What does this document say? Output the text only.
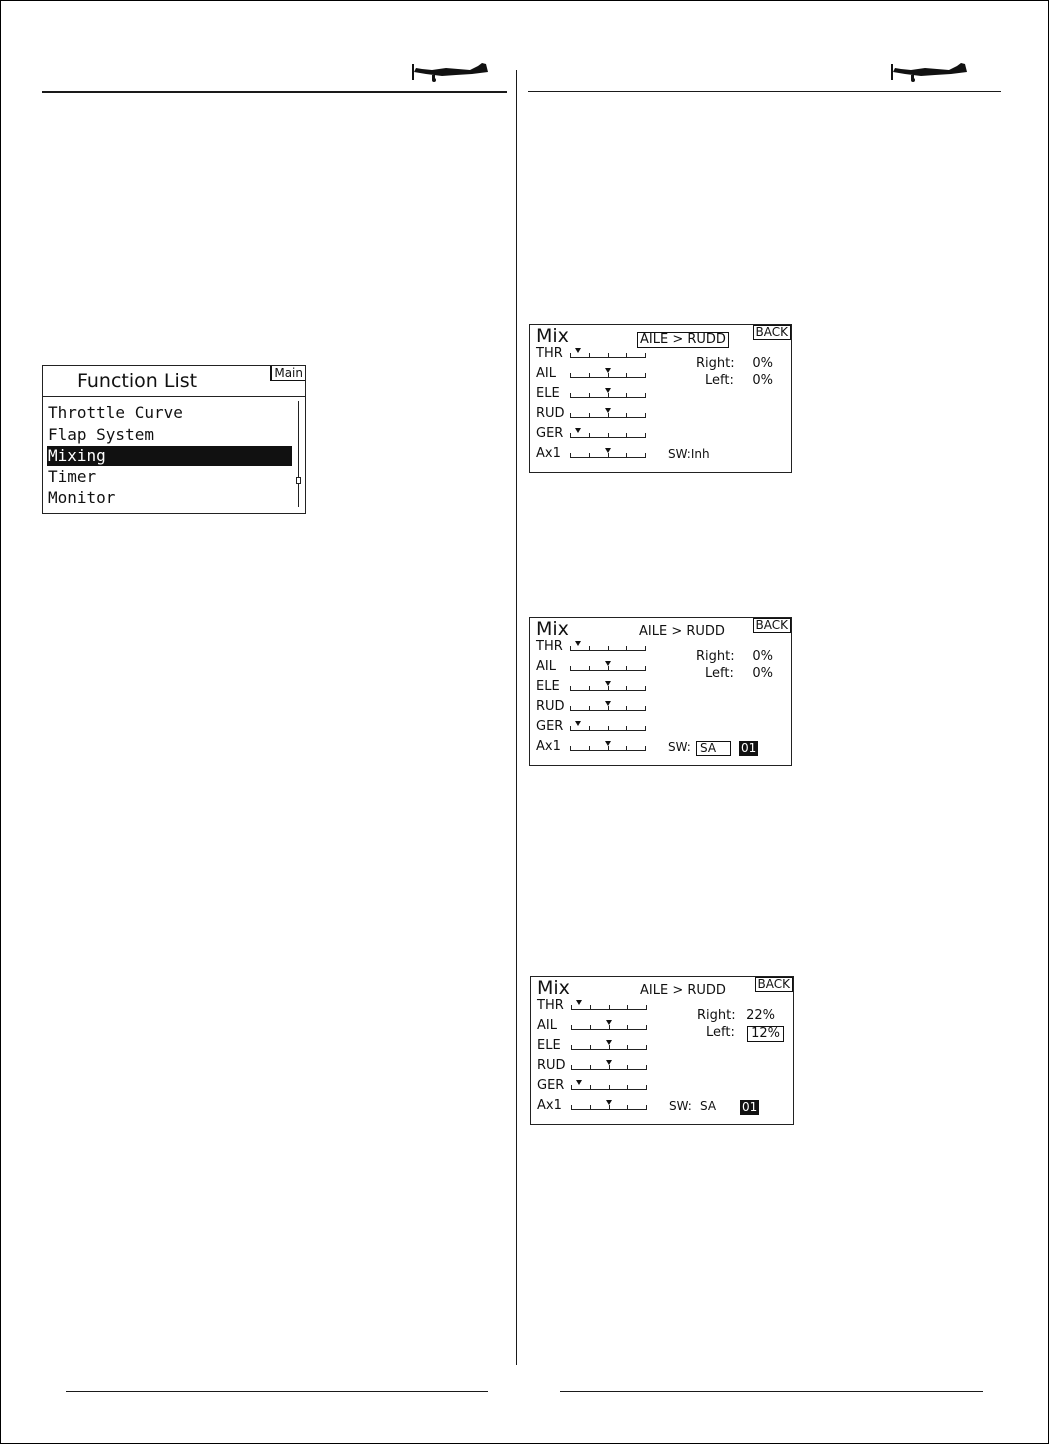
Function List	Main
Throttle Curve
Flap System
Mixing
Timer
Monitor
Mix	AILE > RUDD BACK
THR
AIL
ELE
RUD
GER
Ax1
Right: 0%
Left: 0%
SW:Inh
Mix	AILE > RUDD	BACK
THR
AIL
ELE
RUD
GER
Ax1
Right: 0%
Left: 0%
SW: SA	01
Mix	AILE > RUDD	BACK
THR
AIL
ELE
RUD
GER
Ax1
Right: 22%
Left:	12%
SW: SA 01
